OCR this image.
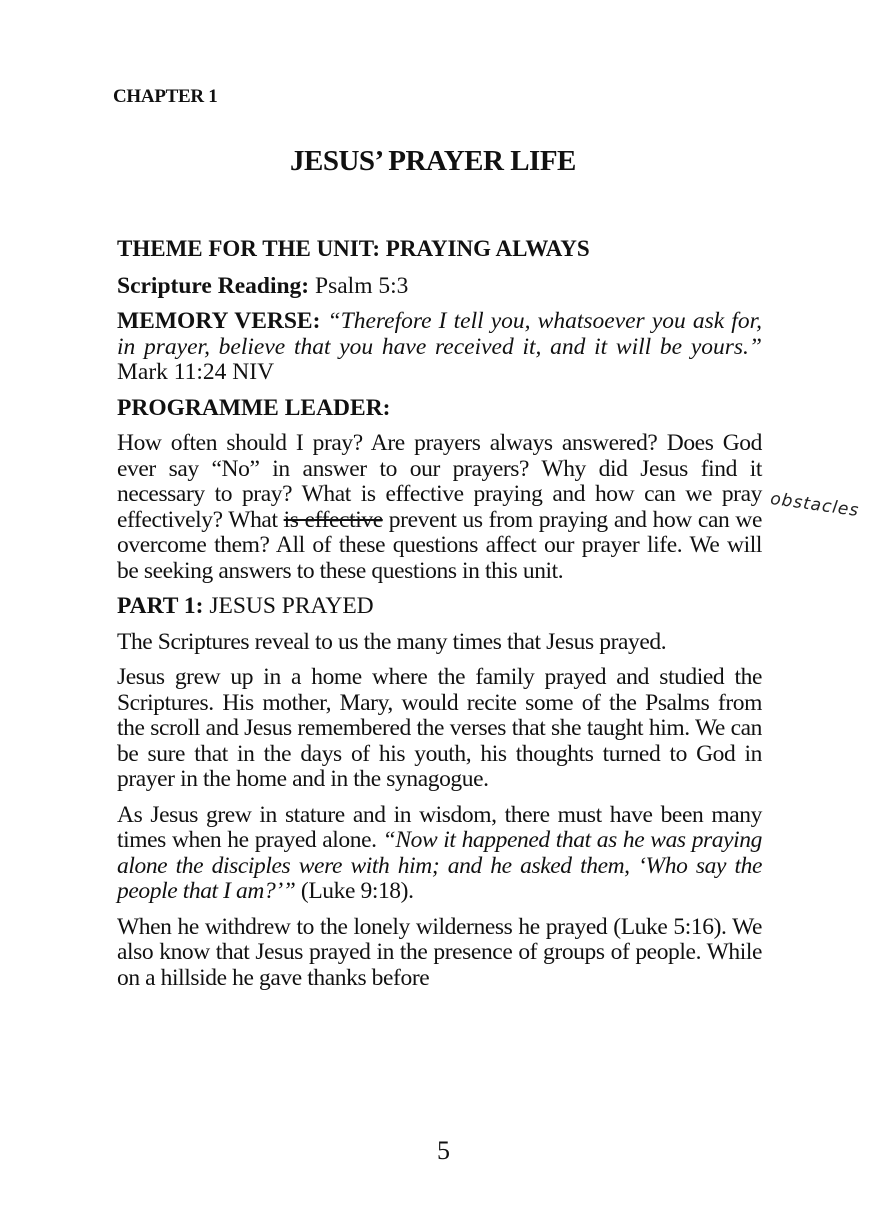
CHAPTER 1
JESUS’ PRAYER LIFE

THEME FOR THE UNIT: PRAYING ALWAYS

Scripture Reading: Psalm 5:3

MEMORY VERSE: “Therefore I tell you, whatsoever you ask for, in prayer, believe that you have received it, and it will be yours.” Mark 11:24 NIV

PROGRAMME LEADER:

How often should I pray? Are prayers always answered? Does God ever say “No” in answer to our prayers? Why did Jesus find it necessary to pray? What is effective praying and how can we pray effectively? What is effective prevent us from praying and how can we overcome them? All of these questions affect our prayer life. We will be seeking answers to these questions in this unit.

PART 1: JESUS PRAYED

The Scriptures reveal to us the many times that Jesus prayed.

Jesus grew up in a home where the family prayed and studied the Scriptures. His mother, Mary, would recite some of the Psalms from the scroll and Jesus remembered the verses that she taught him. We can be sure that in the days of his youth, his thoughts turned to God in prayer in the home and in the synagogue.

As Jesus grew in stature and in wisdom, there must have been many times when he prayed alone. “Now it happened that as he was praying alone the disciples were with him; and he asked them, ‘Who say the people that I am?’” (Luke 9:18).

When he withdrew to the lonely wilderness he prayed (Luke 5:16). We also know that Jesus prayed in the presence of groups of people. While on a hillside he gave thanks before

obstacles
5
